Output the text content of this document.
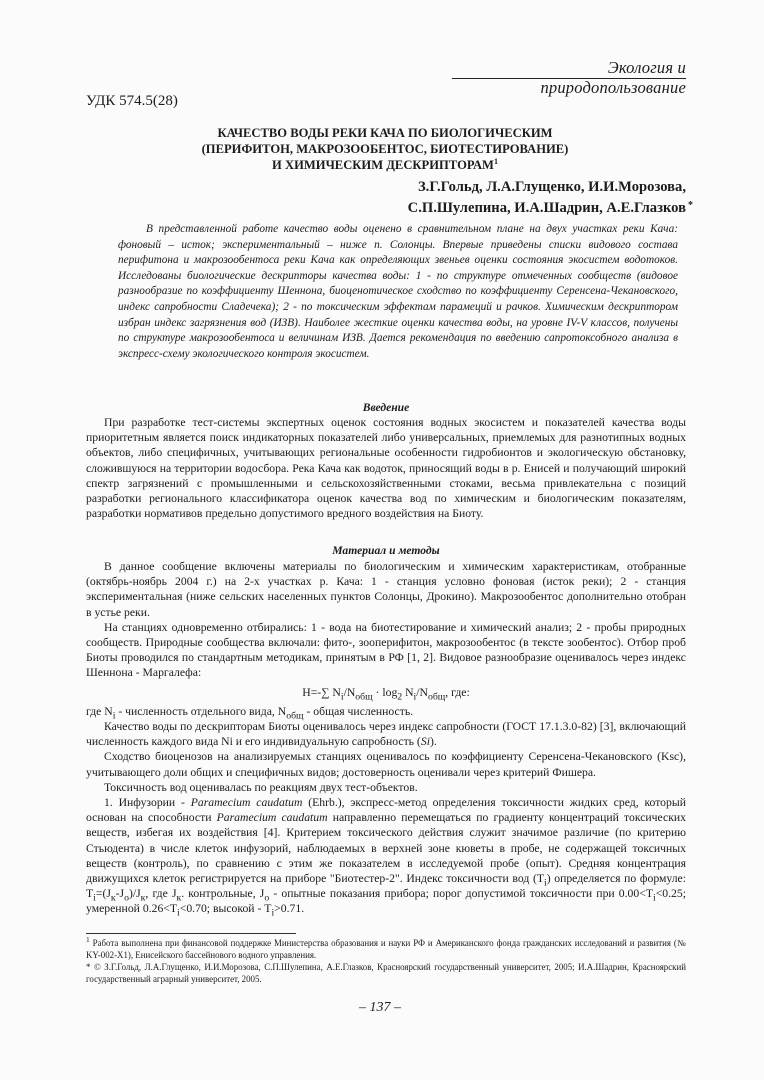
Экология и природопользование
УДК 574.5(28)
КАЧЕСТВО ВОДЫ РЕКИ КАЧА ПО БИОЛОГИЧЕСКИМ
(ПЕРИФИТОН, МАКРОЗООБЕНТОС, БИОТЕСТИРОВАНИЕ)
И ХИМИЧЕСКИМ ДЕСКРИПТОРАМ$^1$
З.Г.Гольд, Л.А.Глущенко, И.И.Морозова,
С.П.Шулепина, И.А.Шадрин, А.Е.Глазков *

В представленной работе качество воды оценено в сравнительном плане на двух участках реки Кача: фоновый – исток; экспериментальный – ниже п. Солонцы. Впервые приведены списки видового состава перифитона и макрозообентоса реки Кача как определяющих звеньев оценки состояния экосистем водотоков. Исследованы биологические дескрипторы качества воды: 1 - по структуре отмеченных сообществ (видовое разнообразие по коэффициенту Шеннона, биоценотическое сходство по коэффициенту Серенсена-Чекановского, индекс сапробности Сладечека); 2 - по токсическим эффектам парамеций и рачков. Химическим дескриптором избран индекс загрязнения вод (ИЗВ). Наиболее жесткие оценки качества воды, на уровне IV-V классов, получены по структуре макрозообентоса и величинам ИЗВ. Дается рекомендация по введению сапротоксобного анализа в экспресс-схему экологического контроля экосистем.

Введение

При разработке тест-системы экспертных оценок состояния водных экосистем и показателей качества воды приоритетным является поиск индикаторных показателей либо универсальных, приемлемых для разнотипных водных объектов, либо специфичных, учитывающих региональные особенности гидробионтов и экологическую обстановку, сложившуюся на территории водосбора. Река Кача как водоток, приносящий воды в р. Енисей и получающий широкий спектр загрязнений с промышленными и сельскохозяйственными стоками, весьма привлекательна с позиций разработки регионального классификатора оценок качества вод по химическим и биологическим показателям, разработки нормативов предельно допустимого вредного воздействия на Биоту.

Материал и методы

В данное сообщение включены материалы по биологическим и химическим характеристикам, отобранные (октябрь-ноябрь 2004 г.) на 2-х участках р. Кача: 1 - станция условно фоновая (исток реки); 2 - станция экспериментальная (ниже сельских населенных пунктов Солонцы, Дрокино). Макрозообентос дополнительно отобран в устье реки.

На станциях одновременно отбирались: 1 - вода на биотестирование и химический анализ; 2 - пробы природных сообществ. Природные сообщества включали: фито-, зоoперифитон, макрозообентос (в тексте зообентос). Отбор проб Биоты проводился по стандартным методикам, принятым в РФ [1, 2]. Видовое разнообразие оценивалось через индекс Шеннона - Маргалефа:

H=-∑ $N_i/N_{общ} \cdot \log_2 N_i/N_{общ}$, где:

где $N_i$ - численность отдельного вида, $N_{общ}$ - общая численность.

Качество воды по дескрипторам Биоты оценивалось через индекс сапробности (ГОСТ 17.1.3.0-82) [3], включающий численность каждого вида Ni и его индивидуальную сапробность (Si).

Сходство биоценозов на анализируемых станциях оценивалось по коэффициенту Серенсена-Чекановского (Ksc), учитывающего доли общих и специфичных видов; достоверность оценивали через критерий Фишера.

Токсичность вод оценивалась по реакциям двух тест-объектов.

1. Инфузории - Paramecium caudatum (Ehrb.), экспресс-метод определения токсичности жидких сред, который основан на способности Paramecium caudatum направленно перемещаться по градиенту концентраций токсических веществ, избегая их воздействия [4]. Критерием токсического действия служит значимое различие (по критерию Стьюдента) в числе клеток инфузорий, наблюдаемых в верхней зоне кюветы в пробе, не содержащей токсичных веществ (контроль), по сравнению с этим же показателем в исследуемой пробе (опыт). Средняя концентрация движущихся клеток регистрируется на приборе "Биотестер-2". Индекс токсичности вод $(T_i)$ определяется по формуле: $T_i=(J_к-J_о)/J_к$, где $J_к$. контрольные, $J_о$ - опытные показания прибора; порог допустимой токсичности при $0.00<T_i<0.25$; умеренной $0.26<T_i<0.70$; высокой - $T_i>0.71$.

$^1$ Работа выполнена при финансовой поддержке Министерства образования и науки РФ и Американского фонда гражданских исследований и развития (№ KY-002-X1), Енисейского бассейнового водного управления.

* © З.Г.Гольд, Л.А.Глущенко, И.И.Морозова, С.П.Шулепина, А.Е.Глазков, Красноярский государственный университет, 2005; И.А.Шадрин, Красноярский государственный аграрный университет, 2005.

– 137 –
